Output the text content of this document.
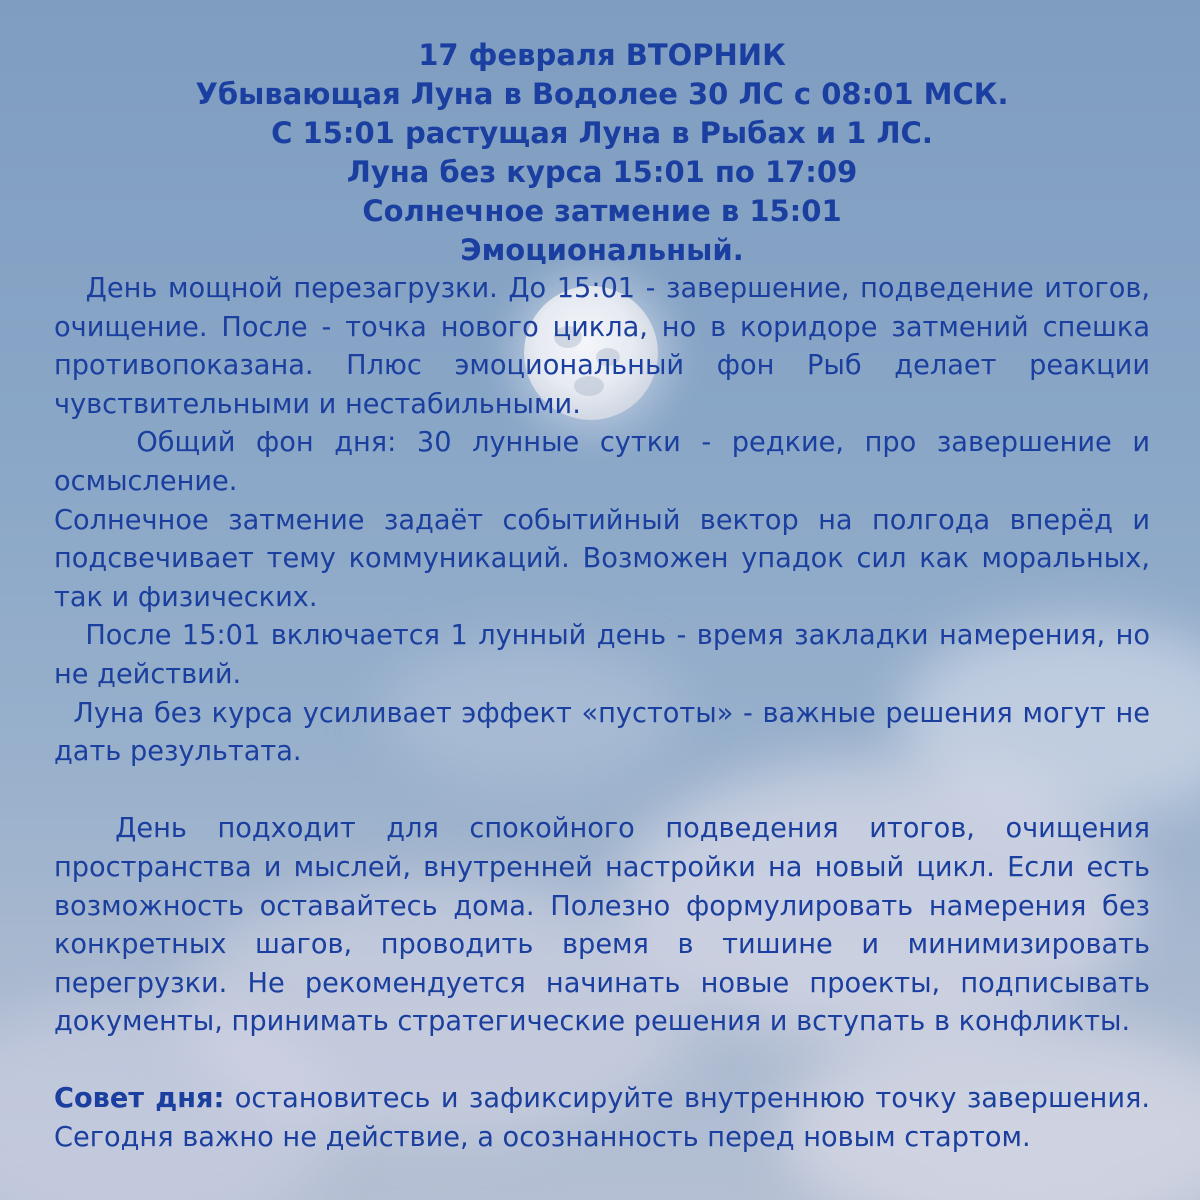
17 февраля ВТОРНИК
Убывающая Луна в Водолее 30 ЛС с 08:01 МСК.
С 15:01 растущая Луна в Рыбах и 1 ЛС.
Луна без курса 15:01 по 17:09
Солнечное затмение в 15:01
Эмоциональный.

День мощной перезагрузки. До 15:01 - завершение, подведение итогов, очищение. После - точка нового цикла, но в коридоре затмений спешка противопоказана. Плюс эмоциональный фон Рыб делает реакции чувствительными и нестабильными.

Общий фон дня: 30 лунные сутки - редкие, про завершение и осмысление.

Солнечное затмение задаёт событийный вектор на полгода вперёд и подсвечивает тему коммуникаций. Возможен упадок сил как моральных, так и физических.

После 15:01 включается 1 лунный день - время закладки намерения, но не действий.

Луна без курса усиливает эффект «пустоты» - важные решения могут не дать результата.

День подходит для спокойного подведения итогов, очищения пространства и мыслей, внутренней настройки на новый цикл. Если есть возможность оставайтесь дома. Полезно формулировать намерения без конкретных шагов, проводить время в тишине и минимизировать перегрузки. Не рекомендуется начинать новые проекты, подписывать документы, принимать стратегические решения и вступать в конфликты.

Совет дня: остановитесь и зафиксируйте внутреннюю точку завершения. Сегодня важно не действие, а осознанность перед новым стартом.
